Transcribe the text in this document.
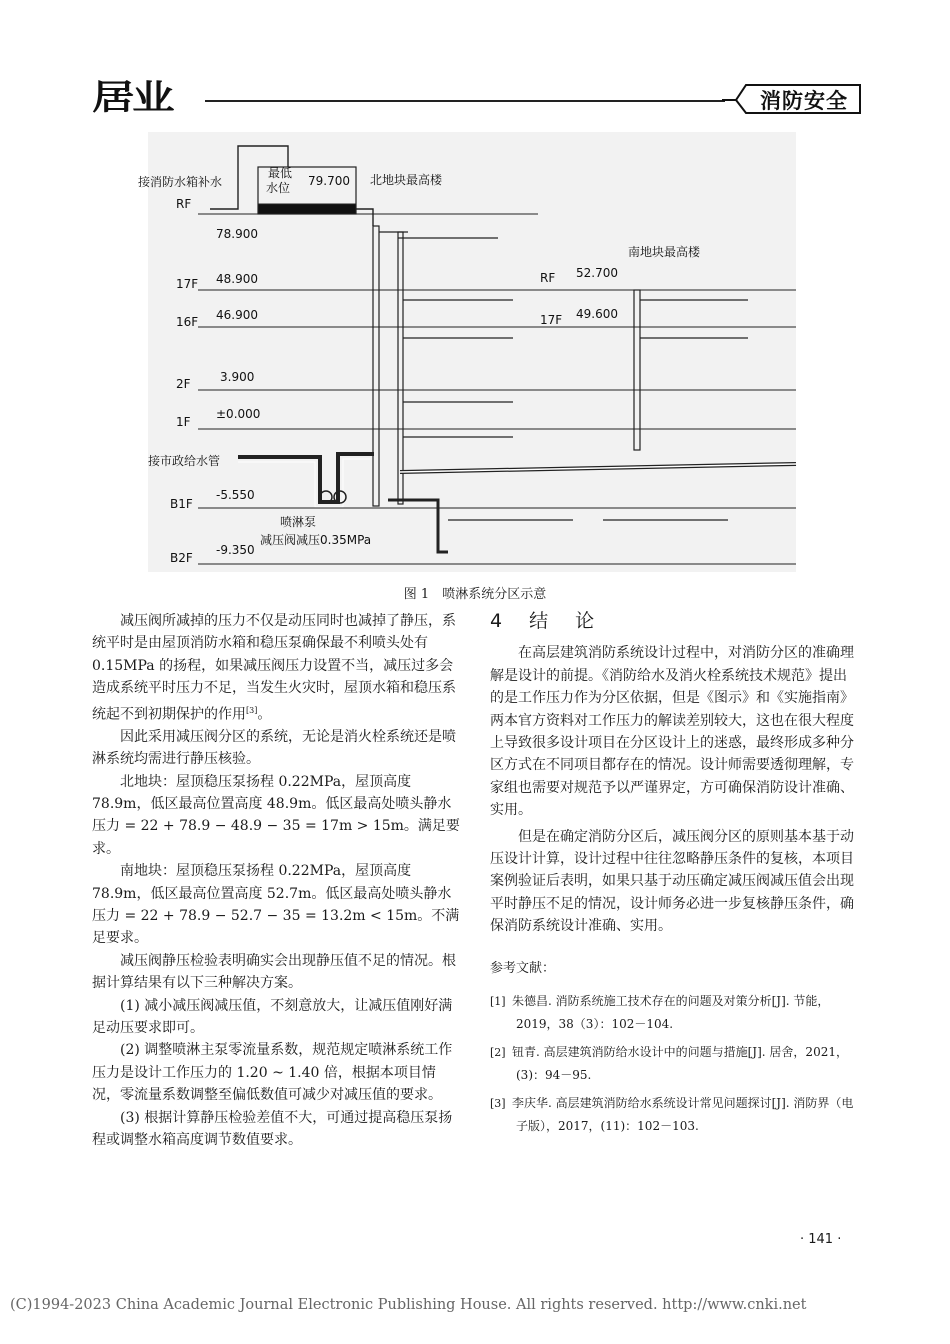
居业	消防安全
接消防水箱补水
最低
水位 79.700 北地块最高楼
南地块最高楼
接市政给水管
喷淋泵
减压阀减压0.35MPa
RF
78.900
17F 48.900
16F 46.900
2F 3.900
1F
±0.000
B1F
-5.550
B2F
-9.350
RF 52.700
17F 49.600
图 1　喷淋系统分区示意

减压阀所减掉的压力不仅是动压同时也减掉了静压，系统平时是由屋顶消防水箱和稳压泵确保最不利喷头处有 0.15MPa 的扬程，如果减压阀压力设置不当，减压过多会造成系统平时压力不足，当发生火灾时，屋顶水箱和稳压系统起不到初期保护的作用[3]。

因此采用减压阀分区的系统，无论是消火栓系统还是喷淋系统均需进行静压核验。

北地块：屋顶稳压泵扬程 0.22MPa，屋顶高度 78.9m，低区最高位置高度 48.9m。低区最高处喷头静水压力 = 22 + 78.9 − 48.9 − 35 = 17m > 15m。满足要求。

南地块：屋顶稳压泵扬程 0.22MPa，屋顶高度 78.9m，低区最高位置高度 52.7m。低区最高处喷头静水压力 = 22 + 78.9 − 52.7 − 35 = 13.2m < 15m。不满足要求。

减压阀静压检验表明确实会出现静压值不足的情况。根据计算结果有以下三种解决方案。

(1) 减小减压阀减压值，不刻意放大，让减压值刚好满足动压要求即可。

(2) 调整喷淋主泵零流量系数，规范规定喷淋系统工作压力是设计工作压力的 1.20 ~ 1.40 倍，根据本项目情况，零流量系数调整至偏低数值可减少对减压值的要求。

(3) 根据计算静压检验差值不大，可通过提高稳压泵扬程或调整水箱高度调节数值要求。

4　结　论

在高层建筑消防系统设计过程中，对消防分区的准确理解是设计的前提。《消防给水及消火栓系统技术规范》提出的是工作压力作为分区依据，但是《图示》和《实施指南》两本官方资料对工作压力的解读差别较大，这也在很大程度上导致很多设计项目在分区设计上的迷惑，最终形成多种分区方式在不同项目都存在的情况。设计师需要透彻理解，专家组也需要对规范予以严谨界定，方可确保消防设计准确、实用。

但是在确定消防分区后，减压阀分区的原则基本基于动压设计计算，设计过程中往往忽略静压条件的复核，本项目案例验证后表明，如果只基于动压确定减压阀减压值会出现平时静压不足的情况，设计师务必进一步复核静压条件，确保消防系统设计准确、实用。

参考文献：
[1] 朱德昌. 消防系统施工技术存在的问题及对策分析[J]. 节能，2019，38（3）：102－104.
[2] 钮青. 高层建筑消防给水设计中的问题与措施[J]. 居舍，2021，(3)：94－95.
[3] 李庆华. 高层建筑消防给水系统设计常见问题探讨[J]. 消防界（电子版），2017，(11)：102－103.
· 141 ·
(C)1994-2023 China Academic Journal Electronic Publishing House. All rights reserved. http://www.cnki.net
